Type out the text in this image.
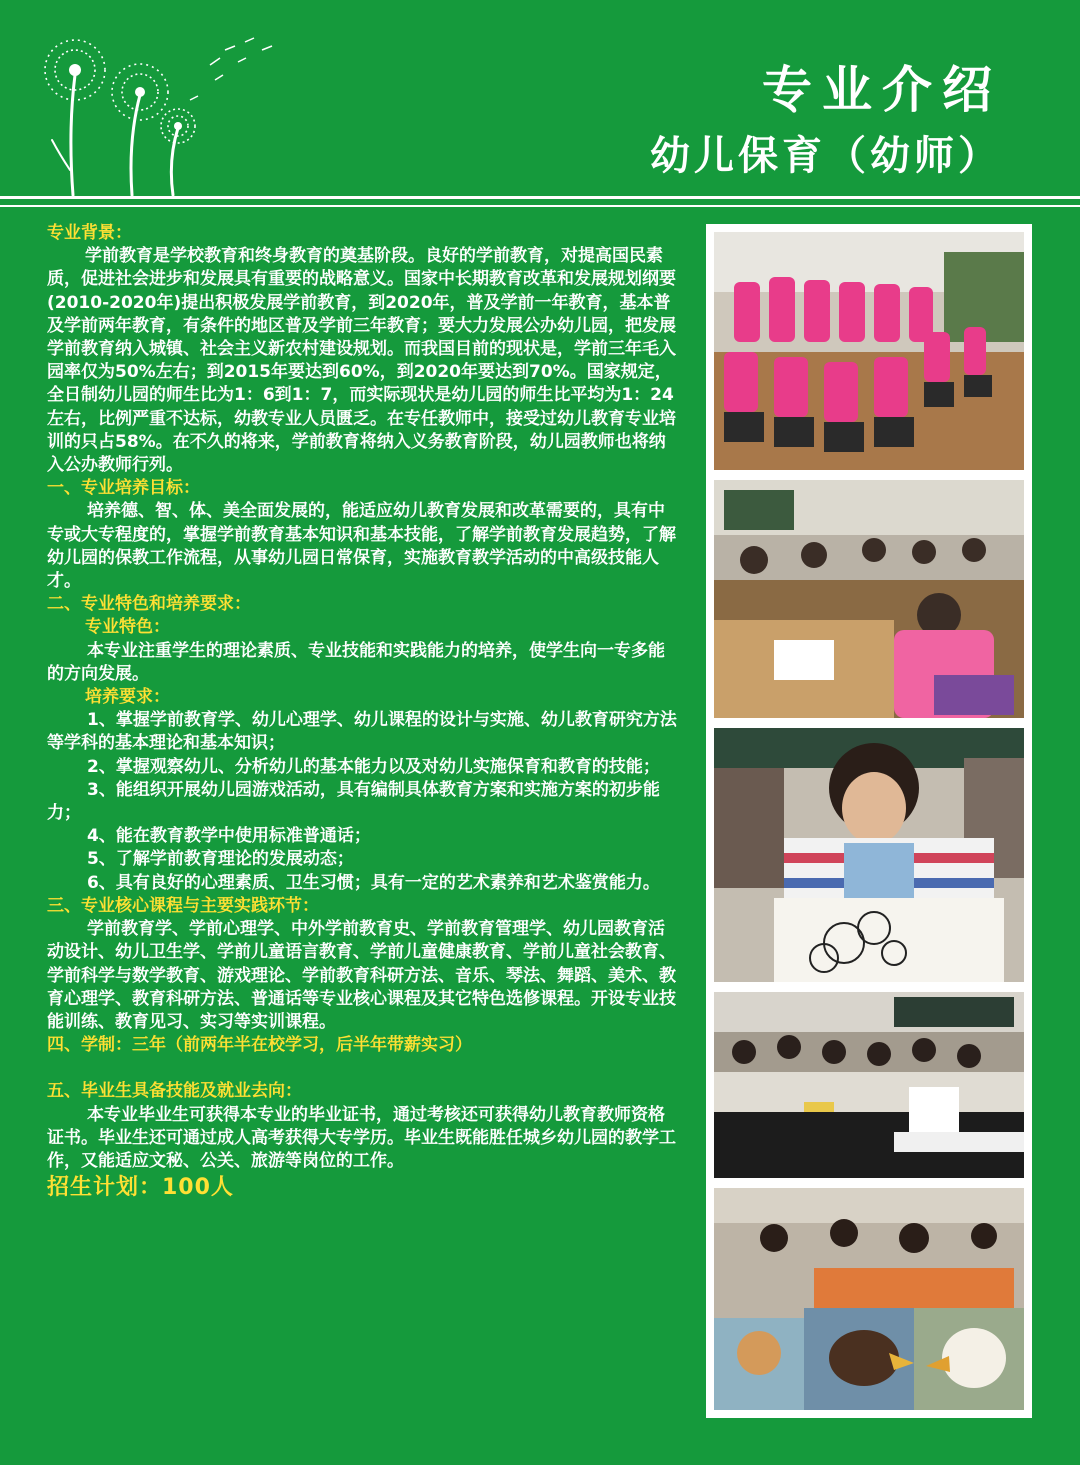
专业介绍
幼儿保育（幼师）

专业背景：

学前教育是学校教育和终身教育的奠基阶段。良好的学前教育，对提高国民素质，促进社会进步和发展具有重要的战略意义。国家中长期教育改革和发展规划纲要(2010-2020年)提出积极发展学前教育，到2020年，普及学前一年教育，基本普及学前两年教育，有条件的地区普及学前三年教育；要大力发展公办幼儿园，把发展学前教育纳入城镇、社会主义新农村建设规划。而我国目前的现状是，学前三年毛入园率仅为50%左右；到2015年要达到60%，到2020年要达到70%。国家规定，全日制幼儿园的师生比为1：6到1：7，而实际现状是幼儿园的师生比平均为1：24左右，比例严重不达标，幼教专业人员匮乏。在专任教师中，接受过幼儿教育专业培训的只占58%。在不久的将来，学前教育将纳入义务教育阶段，幼儿园教师也将纳入公办教师行列。

一、专业培养目标：

培养德、智、体、美全面发展的，能适应幼儿教育发展和改革需要的，具有中专或大专程度的，掌握学前教育基本知识和基本技能，了解学前教育发展趋势，了解幼儿园的保教工作流程，从事幼儿园日常保育，实施教育教学活动的中高级技能人才。

二、专业特色和培养要求：

专业特色：

本专业注重学生的理论素质、专业技能和实践能力的培养，使学生向一专多能的方向发展。

培养要求：

1、掌握学前教育学、幼儿心理学、幼儿课程的设计与实施、幼儿教育研究方法等学科的基本理论和基本知识；

2、掌握观察幼儿、分析幼儿的基本能力以及对幼儿实施保育和教育的技能；

3、能组织开展幼儿园游戏活动，具有编制具体教育方案和实施方案的初步能力；

4、能在教育教学中使用标准普通话；

5、了解学前教育理论的发展动态；

6、具有良好的心理素质、卫生习惯；具有一定的艺术素养和艺术鉴赏能力。

三、专业核心课程与主要实践环节：

学前教育学、学前心理学、中外学前教育史、学前教育管理学、幼儿园教育活动设计、幼儿卫生学、学前儿童语言教育、学前儿童健康教育、学前儿童社会教育、学前科学与数学教育、游戏理论、学前教育科研方法、音乐、琴法、舞蹈、美术、教育心理学、教育科研方法、普通话等专业核心课程及其它特色选修课程。开设专业技能训练、教育见习、实习等实训课程。

四、学制：三年（前两年半在校学习，后半年带薪实习）

五、毕业生具备技能及就业去向：

本专业毕业生可获得本专业的毕业证书，通过考核还可获得幼儿教育教师资格证书。毕业生还可通过成人高考获得大专学历。毕业生既能胜任城乡幼儿园的教学工作，又能适应文秘、公关、旅游等岗位的工作。

招生计划：100人
